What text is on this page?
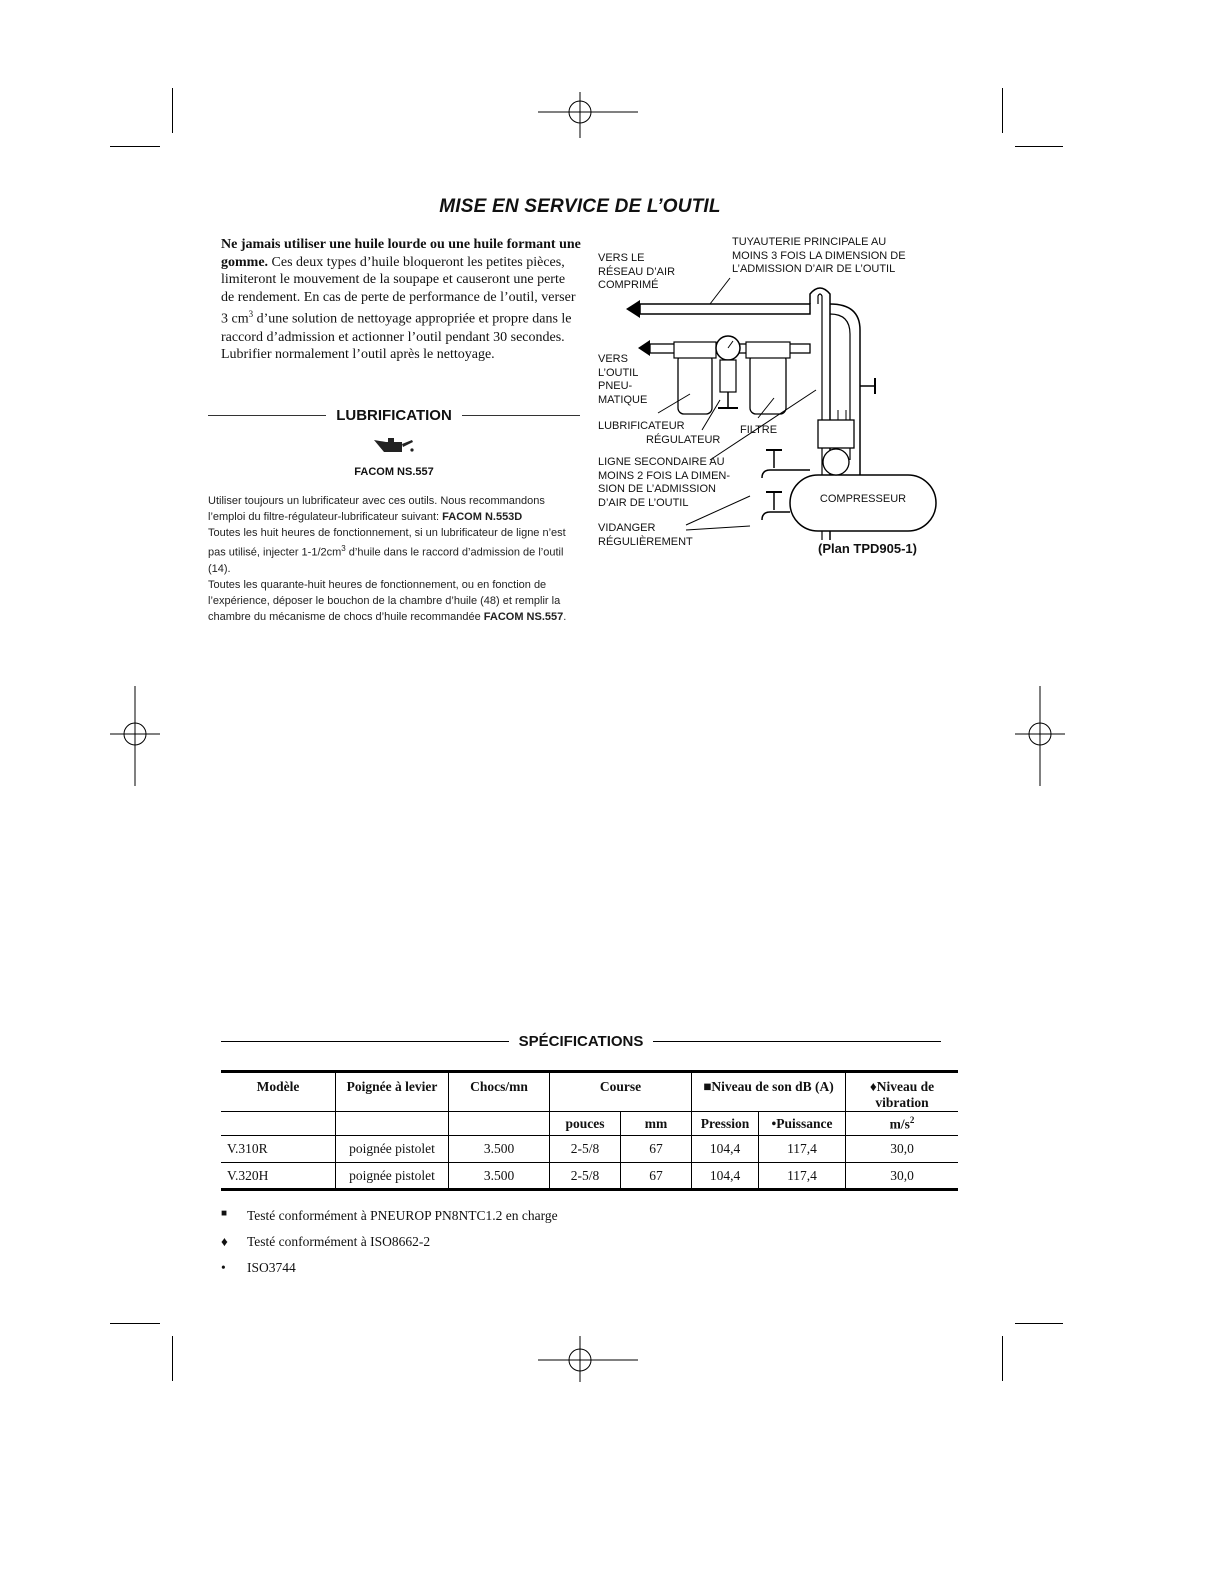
MISE EN SERVICE DE L’OUTIL
Ne jamais utiliser une huile lourde ou une huile formant une gomme. Ces deux types d’huile bloqueront les petites pièces, limiteront le mouvement de la soupape et causeront une perte de rendement. En cas de perte de performance de l’outil, verser 3 $cm^3$ d’une solution de nettoyage appropriée et propre dans le raccord d’admission et actionner l’outil pendant 30 secondes. Lubrifier normalement l’outil après le nettoyage.
LUBRIFICATION
FACOM NS.557
Utiliser toujours un lubrificateur avec ces outils. Nous recommandons l’emploi du filtre-régulateur-lubrificateur suivant: FACOM N.553D
Toutes les huit heures de fonctionnement, si un lubrificateur de ligne n’est pas utilisé, injecter $1-1/2cm^3$ d’huile dans le raccord d’admission de l’outil (14).
Toutes les quarante-huit heures de fonctionnement, ou en fonction de l’expérience, déposer le bouchon de la chambre d’huile (48) et remplir la chambre du mécanisme de chocs d’huile recommandée FACOM NS.557.
VERS LE
RÉSEAU D’AIR
COMPRIMÉ
TUYAUTERIE PRINCIPALE AU
MOINS 3 FOIS LA DIMENSION DE
L’ADMISSION D’AIR DE L’OUTIL
VERS
L’OUTIL
PNEU-
MATIQUE
LUBRIFICATEUR	FILTRE
RÉGULATEUR
LIGNE SECONDAIRE AU
MOINS 2 FOIS LA DIMEN-
SION DE L’ADMISSION
D’AIR DE L’OUTIL	COMPRESSEUR
VIDANGER
RÉGULIÈREMENT	(Plan TPD905-1)
SPÉCIFICATIONS
Modèle	Poignée à levier	Chocs/mn	Course		■Niveau de son dB (A)		♦Niveau de vibration
			pouces	mm	Pression	•Puissance	$m/s^2$
V.310R	poignée pistolet	3.500	2-5/8	67	104,4	117,4	30,0
V.320H	poignée pistolet	3.500	2-5/8	67	104,4	117,4	30,0
■	Testé conformément à PNEUROP PN8NTC1.2 en charge
♦	Testé conformément à ISO8662-2
•	ISO3744
